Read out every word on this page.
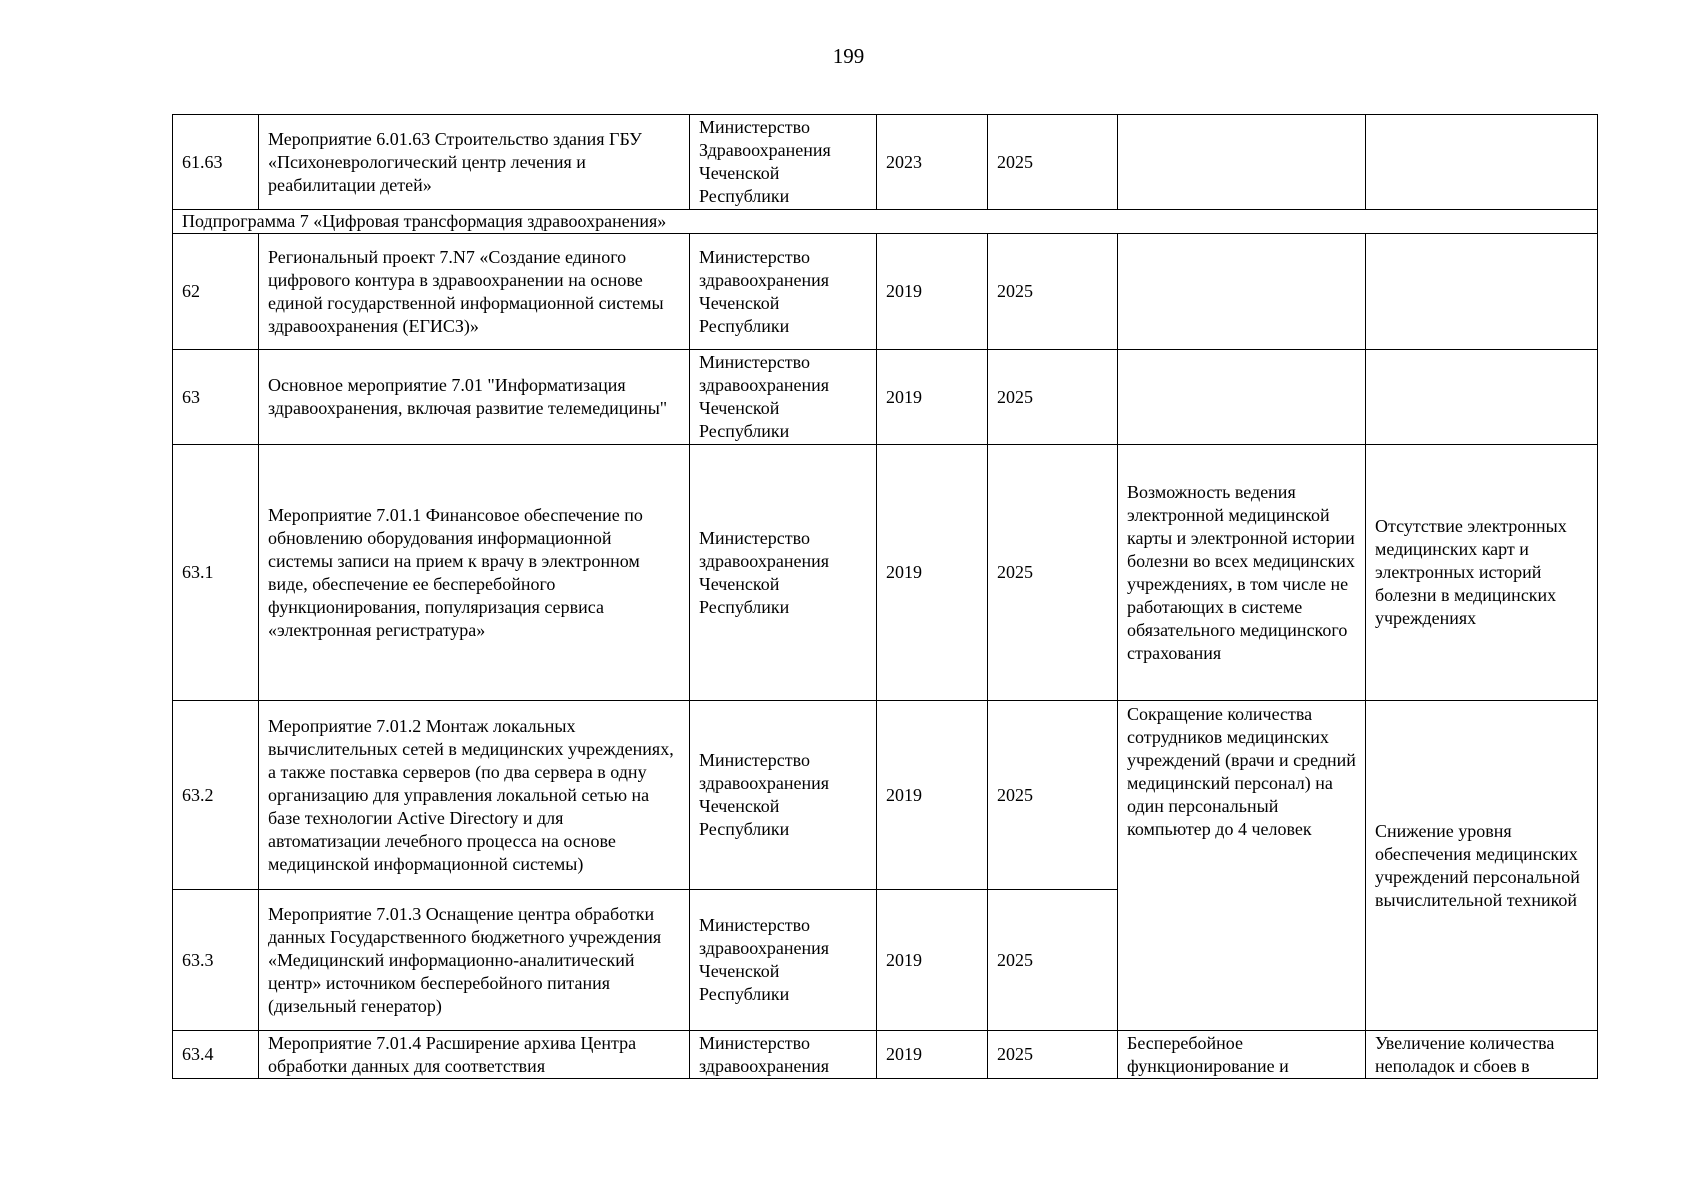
199
61.63	Мероприятие 6.01.63 Строительство здания ГБУ «Психоневрологический центр лечения и реабилитации детей»	Министерство Здравоохранения Чеченской Республики	2023	2025		
Подпрограмма 7 «Цифровая трансформация здравоохранения»						
62	Региональный проект 7.N7 «Создание единого цифрового контура в здравоохранении на основе единой государственной информационной системы здравоохранения (ЕГИСЗ)»	Министерство здравоохранения Чеченской Республики	2019	2025		
63	Основное мероприятие 7.01 "Информатизация здравоохранения, включая развитие телемедицины"	Министерство здравоохранения Чеченской Республики	2019	2025		
63.1	Мероприятие 7.01.1 Финансовое обеспечение по обновлению оборудования информационной системы записи на прием к врачу в электронном виде, обеспечение ее бесперебойного функционирования, популяризация сервиса «электронная регистратура»	Министерство здравоохранения Чеченской Республики	2019	2025	Возможность ведения электронной медицинской карты и электронной истории болезни во всех медицинских учреждениях, в том числе не работающих в системе обязательного медицинского страхования	Отсутствие электронных медицинских карт и электронных историй болезни в медицинских учреждениях
63.2	Мероприятие 7.01.2 Монтаж локальных вычислительных сетей в медицинских учреждениях, а также поставка серверов (по два сервера в одну организацию для управления локальной сетью на базе технологии Active Directory и для автоматизации лечебного процесса на основе медицинской информационной системы)	Министерство здравоохранения Чеченской Республики	2019	2025	Сокращение количества сотрудников медицинских учреждений (врачи и средний медицинский персонал) на один персональный компьютер до 4 человек	Снижение уровня обеспечения медицинских учреждений персональной вычислительной техникой
63.3	Мероприятие 7.01.3 Оснащение центра обработки данных Государственного бюджетного учреждения «Медицинский информационно-аналитический центр» источником бесперебойного питания (дизельный генератор)	Министерство здравоохранения Чеченской Республики	2019	2025		
63.4	Мероприятие 7.01.4 Расширение архива Центра обработки данных для соответствия	Министерство здравоохранения	2019	2025	Бесперебойное функционирование и	Увеличение количества неполадок и сбоев в
